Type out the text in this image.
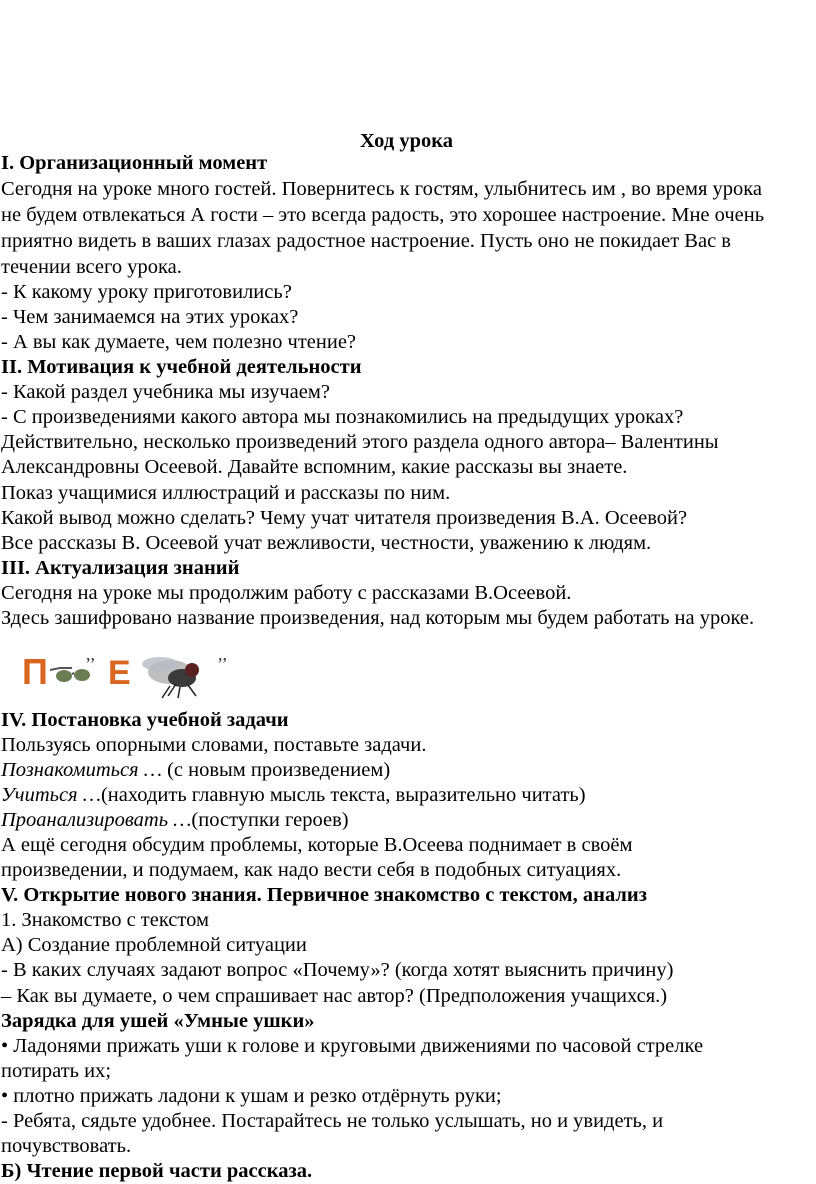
Ход урока
I. Организационный момент
Сегодня на уроке много гостей. Повернитесь к гостям, улыбнитесь им , во время урока
не будем отвлекаться А гости – это всегда радость, это хорошее настроение. Мне очень
приятно видеть в ваших глазах радостное настроение. Пусть оно не покидает Вас в
течении всего урока.
- К какому уроку приготовились?
- Чем занимаемся на этих уроках?
- А вы как думаете, чем полезно чтение?
II. Мотивация к учебной деятельности
- Какой раздел учебника мы изучаем?
- С произведениями какого автора мы познакомились на предыдущих уроках?
Действительно, несколько произведений этого раздела одного автора– Валентины
Александровны Осеевой. Давайте вспомним, какие рассказы вы знаете.
Показ учащимися иллюстраций и рассказы по ним.
Какой вывод можно сделать? Чему учат читателя произведения В.А. Осеевой?
Все рассказы В. Осеевой учат вежливости, честности, уважению к людям.
III. Актуализация знаний
Сегодня на уроке мы продолжим работу с рассказами В.Осеевой.
Здесь зашифровано название произведения, над которым мы будем работать на уроке.
П ,, Е	,,
IV. Постановка учебной задачи
Пользуясь опорными словами, поставьте задачи.
Познакомиться … (с новым произведением)
Учиться …(находить главную мысль текста, выразительно читать)
Проанализировать …(поступки героев)
А ещё сегодня обсудим проблемы, которые В.Осеева поднимает в своём
произведении, и подумаем, как надо вести себя в подобных ситуациях.
V. Открытие нового знания. Первичное знакомство с текстом, анализ
1. Знакомство с текстом
А) Создание проблемной ситуации
- В каких случаях задают вопрос «Почему»? (когда хотят выяснить причину)
– Как вы думаете, о чем спрашивает нас автор? (Предположения учащихся.)
Зарядка для ушей «Умные ушки»
• Ладонями прижать уши к голове и круговыми движениями по часовой стрелке
потирать их;
• плотно прижать ладони к ушам и резко отдёрнуть руки;
- Ребята, сядьте удобнее. Постарайтесь не только услышать, но и увидеть, и
почувствовать.
Б) Чтение первой части рассказа.
